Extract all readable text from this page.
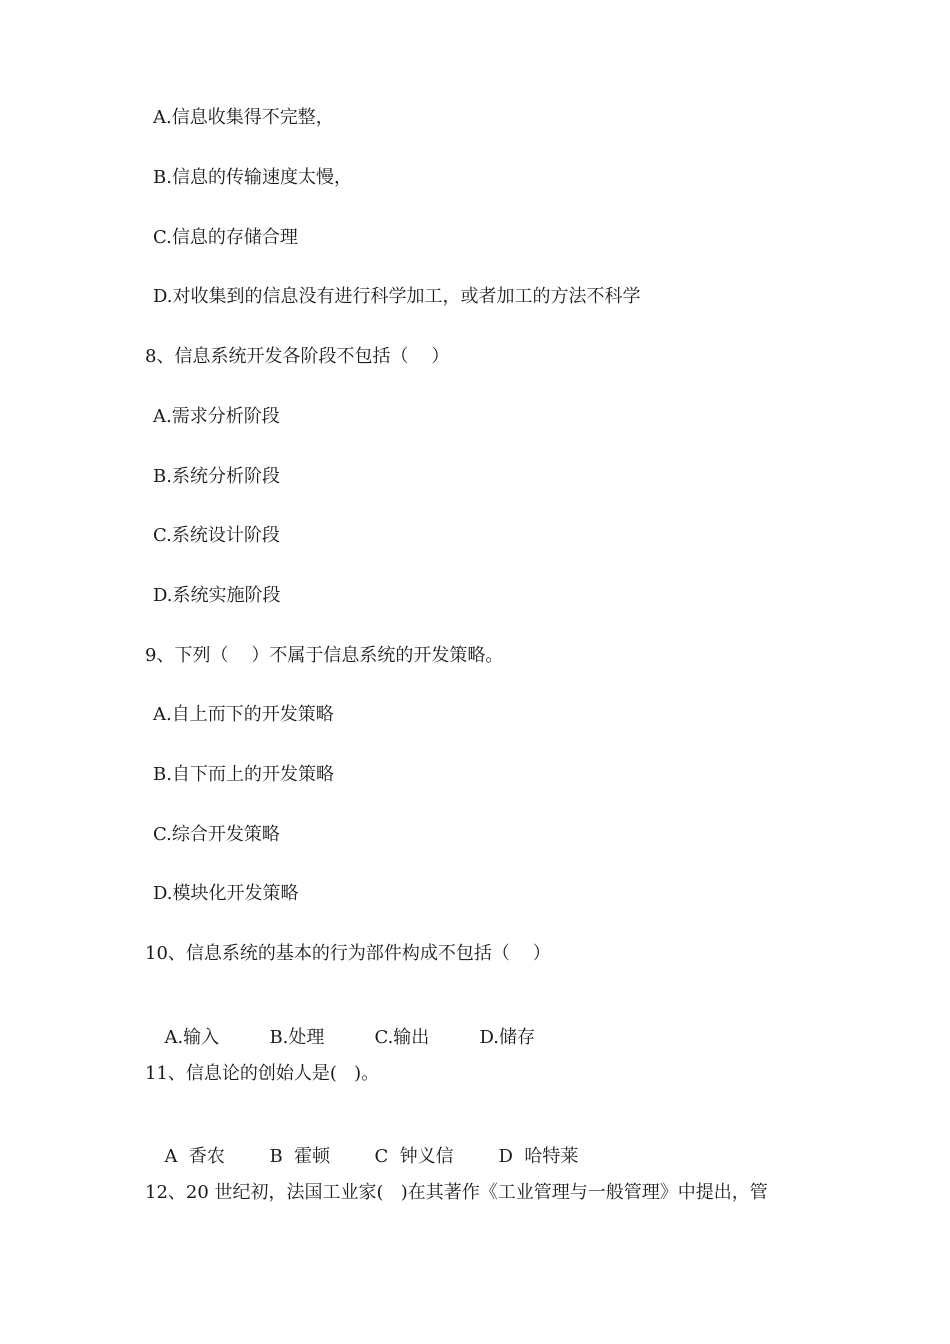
A.信息收集得不完整，
B.信息的传输速度太慢，
C.信息的存储合理
D.对收集到的信息没有进行科学加工，或者加工的方法不科学
8、信息系统开发各阶段不包括（    ）
A.需求分析阶段
B.系统分析阶段
C.系统设计阶段
D.系统实施阶段
9、下列（    ）不属于信息系统的开发策略。
A.自上而下的开发策略
B.自下而上的开发策略
C.综合开发策略
D.模块化开发策略
10、信息系统的基本的行为部件构成不包括（    ）

A.输入	B.处理	C.输出	D.储存

11、信息论的创始人是(   )。

A  香农 B  霍顿 C  钟义信 D  哈特莱

12、20 世纪初，法国工业家(   )在其著作《工业管理与一般管理》中提出，管
